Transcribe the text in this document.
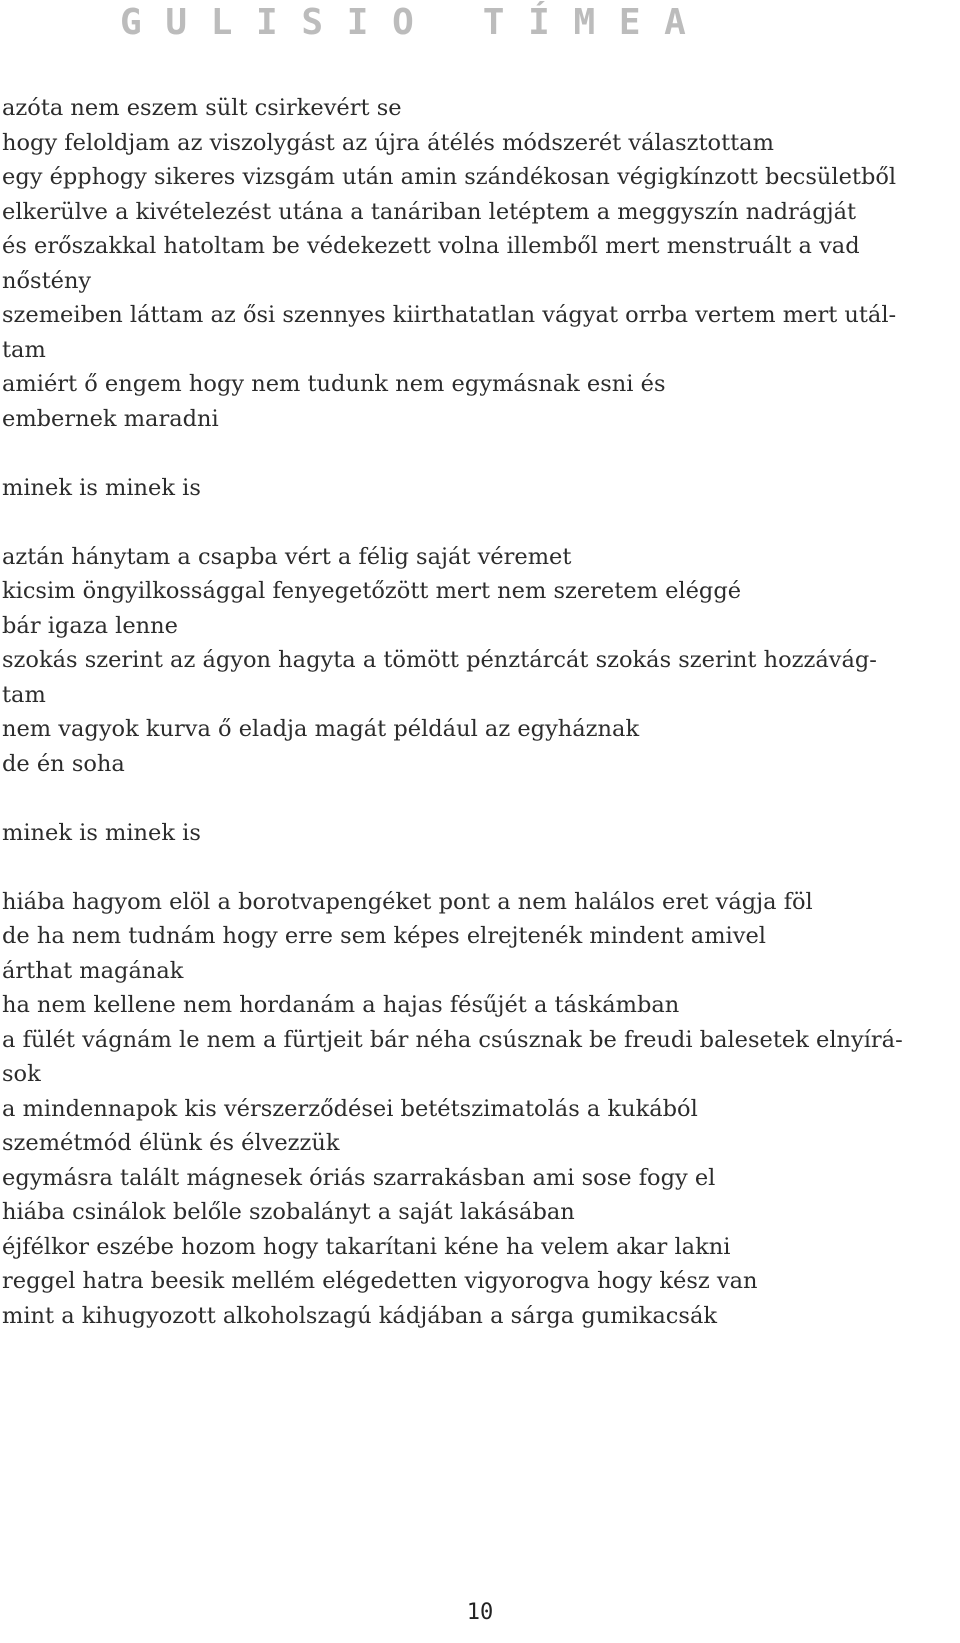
G U L I S I O   T Í M E A
azóta nem eszem sült csirkevért se
hogy feloldjam az viszolygást az újra átélés módszerét választottam
egy épphogy sikeres vizsgám után amin szándékosan végigkínzott becsületből
elkerülve a kivételezést utána a tanáriban letéptem a meggyszín nadrágját
és erőszakkal hatoltam be védekezett volna illemből mert menstruált a vad
nőstény
szemeiben láttam az ősi szennyes kiirthatatlan vágyat orrba vertem mert utál-
tam
amiért ő engem hogy nem tudunk nem egymásnak esni és
embernek maradni
minek is minek is
aztán hánytam a csapba vért a félig saját véremet
kicsim öngyilkossággal fenyegetőzött mert nem szeretem eléggé
bár igaza lenne
szokás szerint az ágyon hagyta a tömött pénztárcát szokás szerint hozzávág-
tam
nem vagyok kurva ő eladja magát például az egyháznak
de én soha
minek is minek is
hiába hagyom elöl a borotvapengéket pont a nem halálos eret vágja föl
de ha nem tudnám hogy erre sem képes elrejtenék mindent amivel
árthat magának
ha nem kellene nem hordanám a hajas fésűjét a táskámban
a fülét vágnám le nem a fürtjeit bár néha csúsznak be freudi balesetek elnyírá-
sok
a mindennapok kis vérszerződései betétszimatolás a kukából
szemétmód élünk és élvezzük
egymásra talált mágnesek óriás szarrakásban ami sose fogy el
hiába csinálok belőle szobalányt a saját lakásában
éjfélkor eszébe hozom hogy takarítani kéne ha velem akar lakni
reggel hatra beesik mellém elégedetten vigyorogva hogy kész van
mint a kihugyozott alkoholszagú kádjában a sárga gumikacsák
10
